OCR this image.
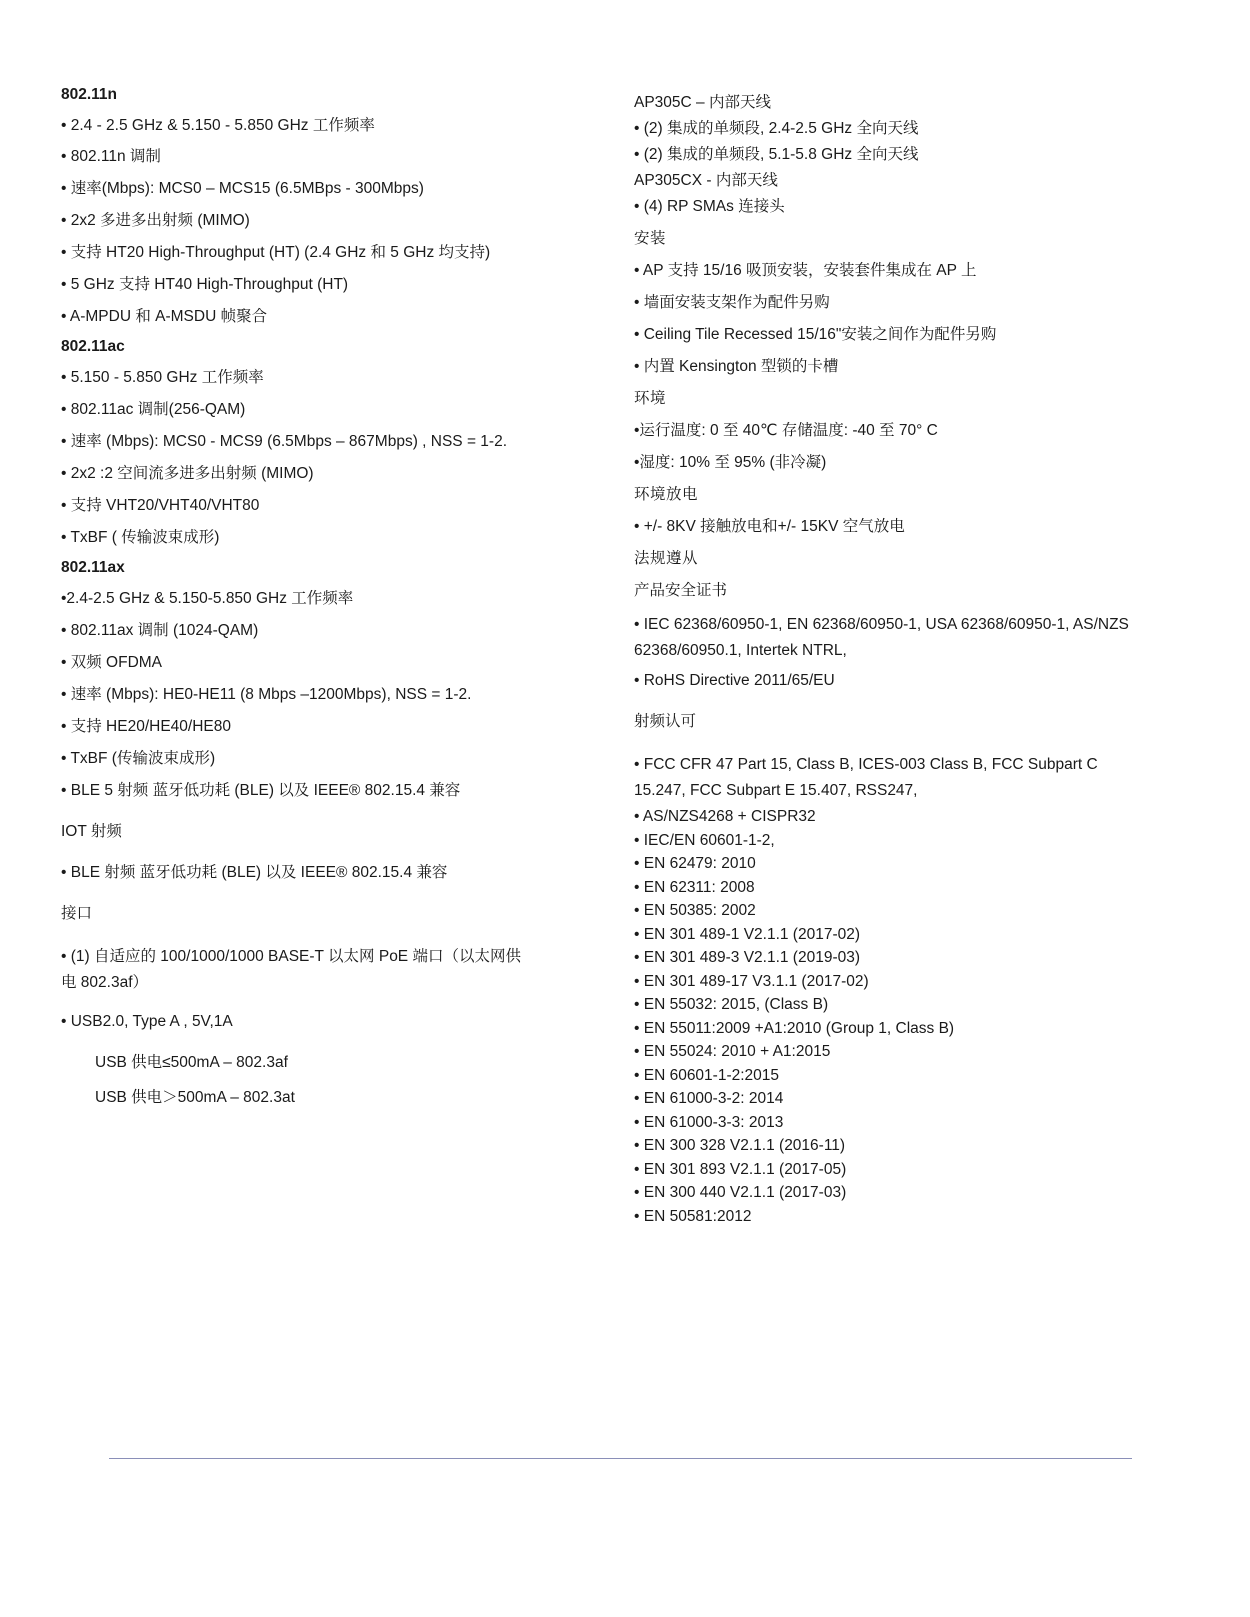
802.11n
• 2.4 - 2.5 GHz & 5.150 - 5.850 GHz 工作频率
• 802.11n 调制
• 速率(Mbps): MCS0 – MCS15 (6.5MBps - 300Mbps)
• 2x2 多进多出射频 (MIMO)
• 支持 HT20 High-Throughput (HT) (2.4 GHz 和 5 GHz 均支持)
• 5 GHz 支持 HT40 High-Throughput (HT)
• A-MPDU 和 A-MSDU 帧聚合
802.11ac
• 5.150 - 5.850 GHz 工作频率
• 802.11ac 调制(256-QAM)
• 速率 (Mbps): MCS0 - MCS9 (6.5Mbps – 867Mbps) , NSS = 1-2.
• 2x2 :2 空间流多进多出射频 (MIMO)
• 支持 VHT20/VHT40/VHT80
• TxBF ( 传输波束成形)
802.11ax
•2.4-2.5 GHz & 5.150-5.850 GHz 工作频率
• 802.11ax 调制 (1024-QAM)
• 双频 OFDMA
• 速率 (Mbps): HE0-HE11 (8 Mbps –1200Mbps), NSS = 1-2.
• 支持 HE20/HE40/HE80
• TxBF (传输波束成形)
• BLE 5 射频 蓝牙低功耗 (BLE) 以及 IEEE® 802.15.4 兼容
IOT 射频
• BLE 射频 蓝牙低功耗 (BLE) 以及 IEEE® 802.15.4 兼容
接口
• (1) 自适应的 100/1000/1000 BASE-T 以太网 PoE 端口（以太网供电 802.3af）
• USB2.0, Type A , 5V,1A
USB 供电≤500mA – 802.3af
USB 供电＞500mA – 802.3at
AP305C – 内部天线
• (2) 集成的单频段, 2.4-2.5 GHz 全向天线
• (2) 集成的单频段, 5.1-5.8 GHz 全向天线
AP305CX - 内部天线
• (4) RP SMAs 连接头
安装
• AP 支持 15/16 吸顶安装，安装套件集成在 AP 上
• 墙面安装支架作为配件另购
• Ceiling Tile Recessed 15/16"安装之间作为配件另购
• 内置 Kensington 型锁的卡槽
环境
•运行温度: 0 至 40℃ 存储温度: -40 至 70° C
•湿度: 10% 至 95% (非冷凝)
环境放电
• +/- 8KV 接触放电和+/- 15KV 空气放电
法规遵从
产品安全证书
• IEC 62368/60950-1, EN 62368/60950-1, USA 62368/60950-1, AS/NZS 62368/60950.1, Intertek NTRL,
• RoHS Directive 2011/65/EU
射频认可
• FCC CFR 47 Part 15, Class B, ICES-003 Class B, FCC Subpart C 15.247, FCC Subpart E 15.407, RSS247,
• AS/NZS4268 + CISPR32
• IEC/EN 60601-1-2,
• EN 62479: 2010
• EN 62311: 2008
• EN 50385: 2002
• EN 301 489-1 V2.1.1 (2017-02)
• EN 301 489-3 V2.1.1 (2019-03)
• EN 301 489-17 V3.1.1 (2017-02)
• EN 55032: 2015, (Class B)
• EN 55011:2009 +A1:2010 (Group 1, Class B)
• EN 55024: 2010 + A1:2015
• EN 60601-1-2:2015
• EN 61000-3-2: 2014
• EN 61000-3-3: 2013
• EN 300 328 V2.1.1 (2016-11)
• EN 301 893 V2.1.1 (2017-05)
• EN 300 440 V2.1.1 (2017-03)
• EN 50581:2012
